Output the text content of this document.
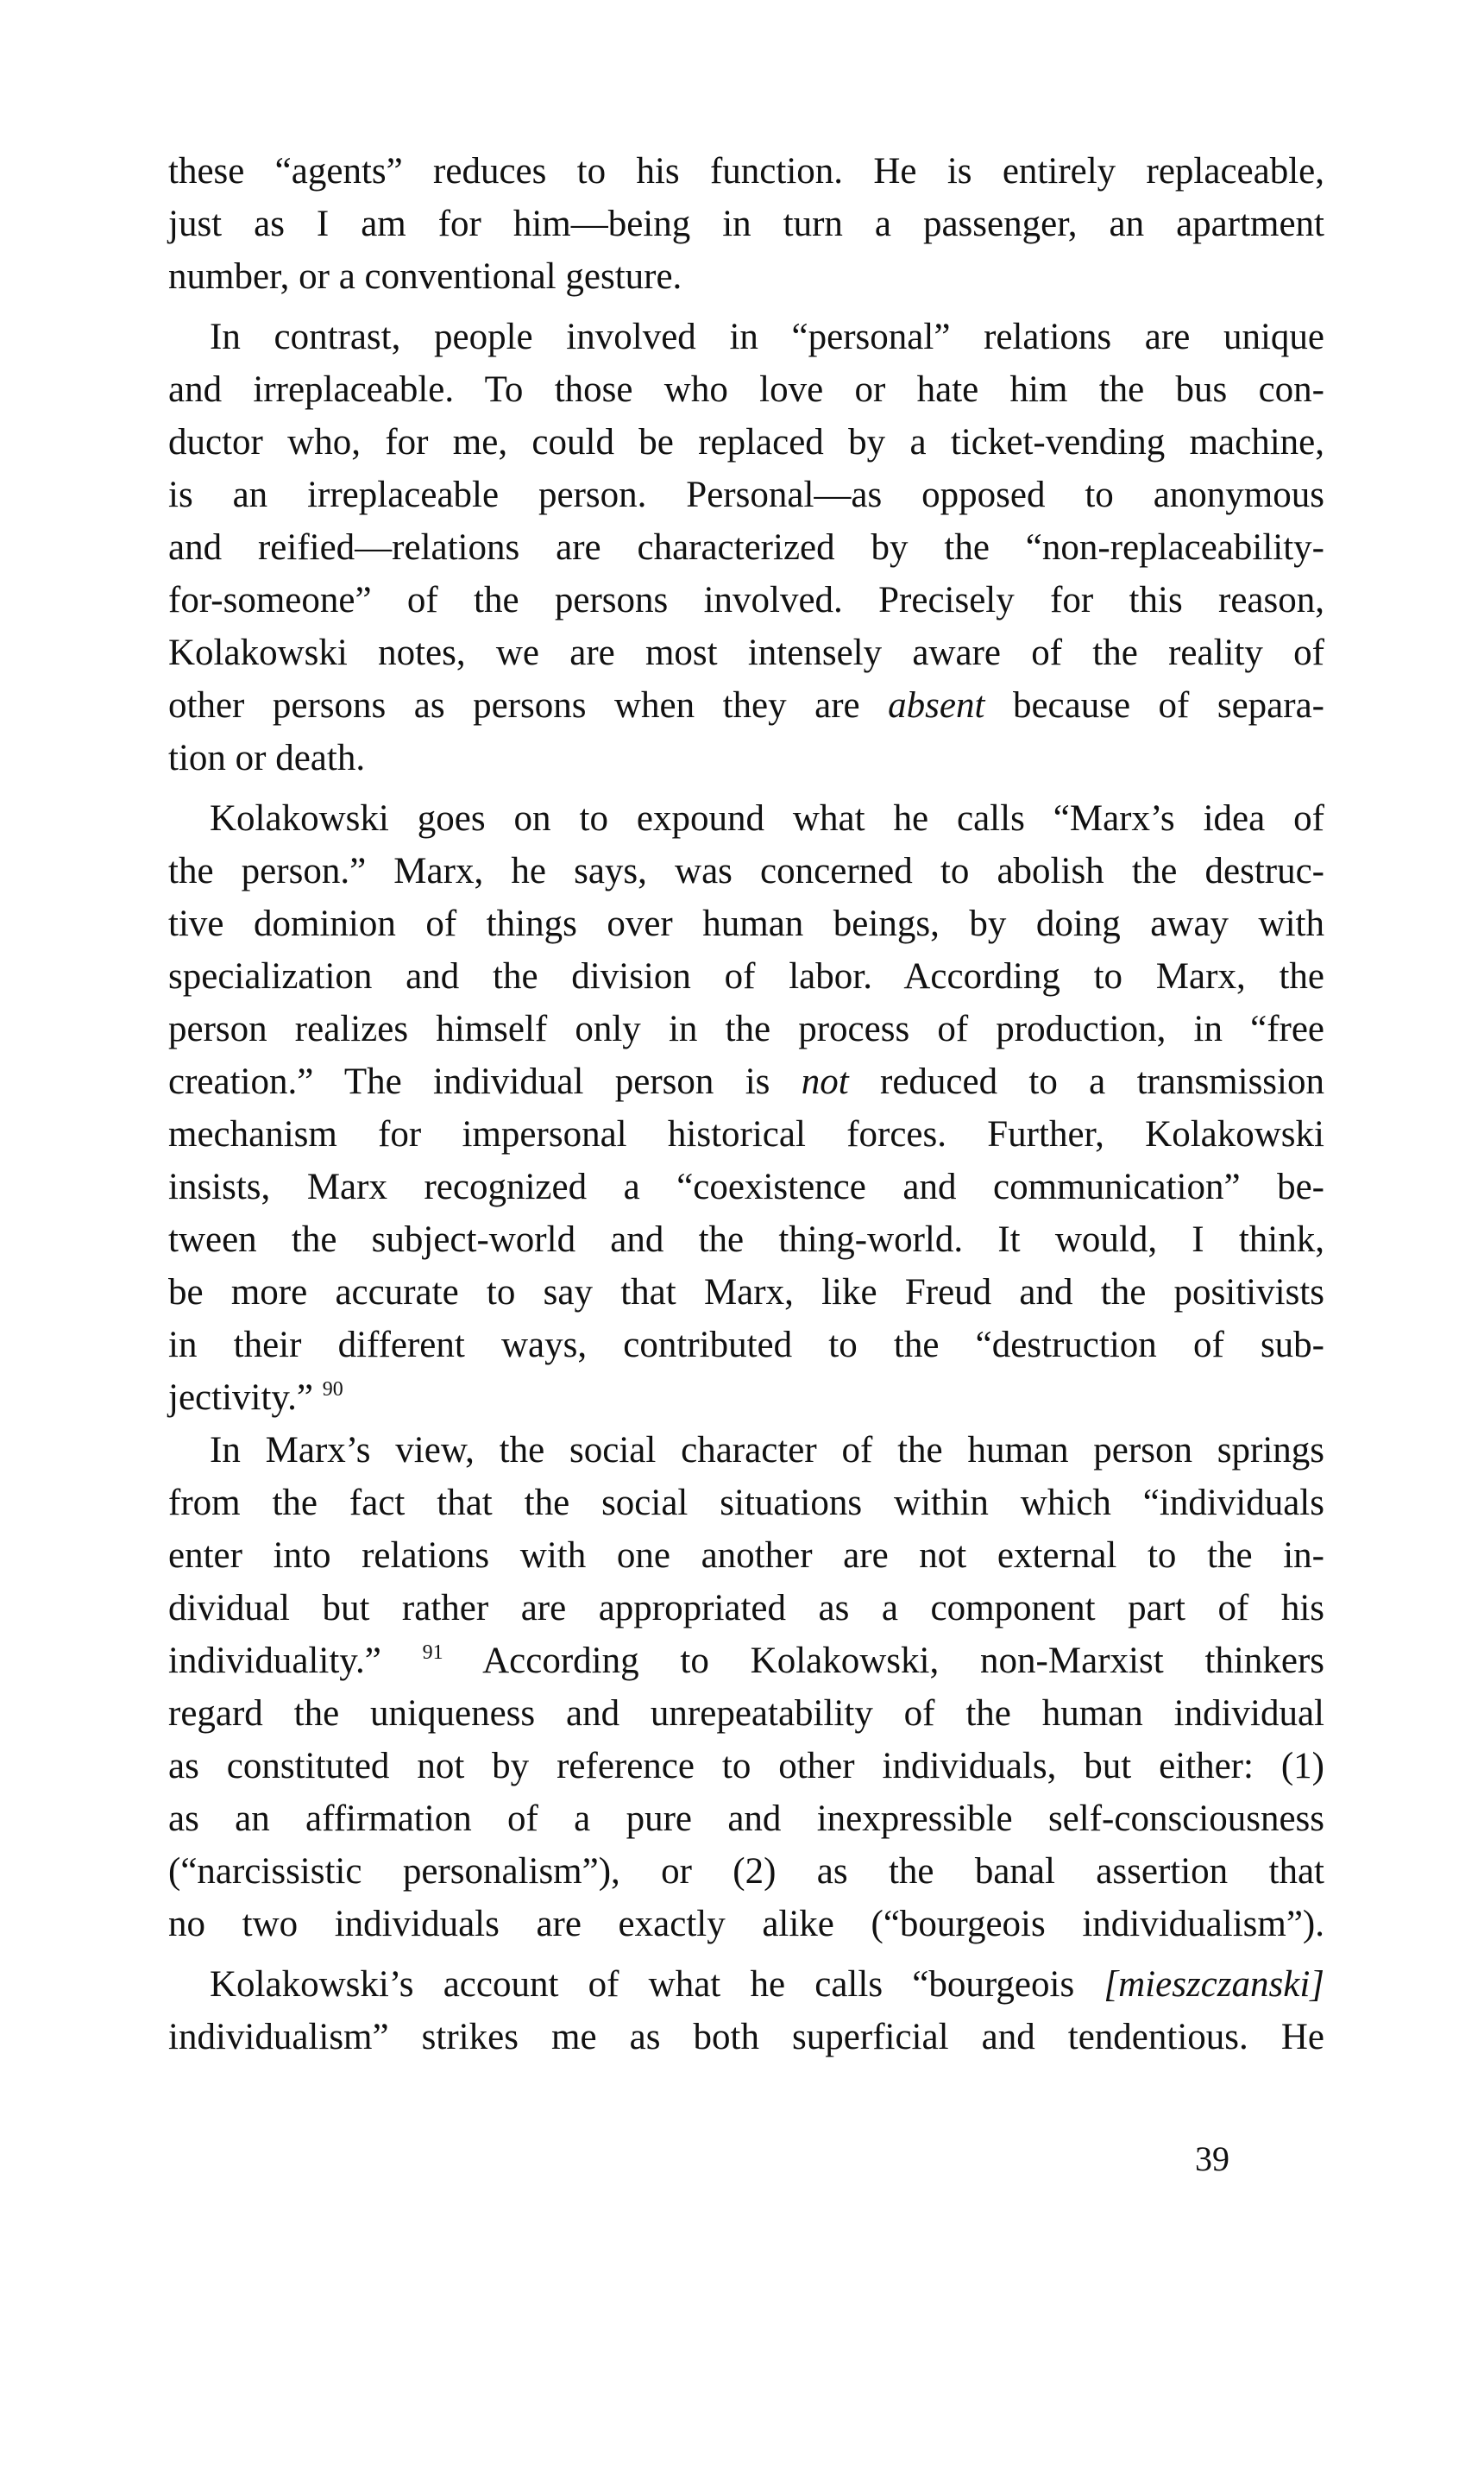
these “agents” reduces to his function. He is entirely replaceable,
just as I am for him—being in turn a passenger, an apartment
number, or a conventional gesture.
In contrast, people involved in “personal” relations are unique
and irreplaceable. To those who love or hate him the bus con-
ductor who, for me, could be replaced by a ticket-vending machine,
is an irreplaceable person. Personal—as opposed to anonymous
and reified—relations are characterized by the “non-replaceability-
for-someone” of the persons involved. Precisely for this reason,
Kolakowski notes, we are most intensely aware of the reality of
other persons as persons when they are absent because of separa-
tion or death.
Kolakowski goes on to expound what he calls “Marx’s idea of
the person.” Marx, he says, was concerned to abolish the destruc-
tive dominion of things over human beings, by doing away with
specialization and the division of labor. According to Marx, the
person realizes himself only in the process of production, in “free
creation.” The individual person is not reduced to a transmission
mechanism for impersonal historical forces. Further, Kolakowski
insists, Marx recognized a “coexistence and communication” be-
tween the subject-world and the thing-world. It would, I think,
be more accurate to say that Marx, like Freud and the positivists
in their different ways, contributed to the “destruction of sub-
jectivity.” $^{90}$
In Marx’s view, the social character of the human person springs
from the fact that the social situations within which “individuals
enter into relations with one another are not external to the in-
dividual but rather are appropriated as a component part of his
individuality.” $^{91}$ According to Kolakowski, non-Marxist thinkers
regard the uniqueness and unrepeatability of the human individual
as constituted not by reference to other individuals, but either: (1)
as an affirmation of a pure and inexpressible self-consciousness
(“narcissistic personalism”), or (2) as the banal assertion that
no two individuals are exactly alike (“bourgeois individualism”).
Kolakowski’s account of what he calls “bourgeois [mieszczanski]
individualism” strikes me as both superficial and tendentious. He
39
